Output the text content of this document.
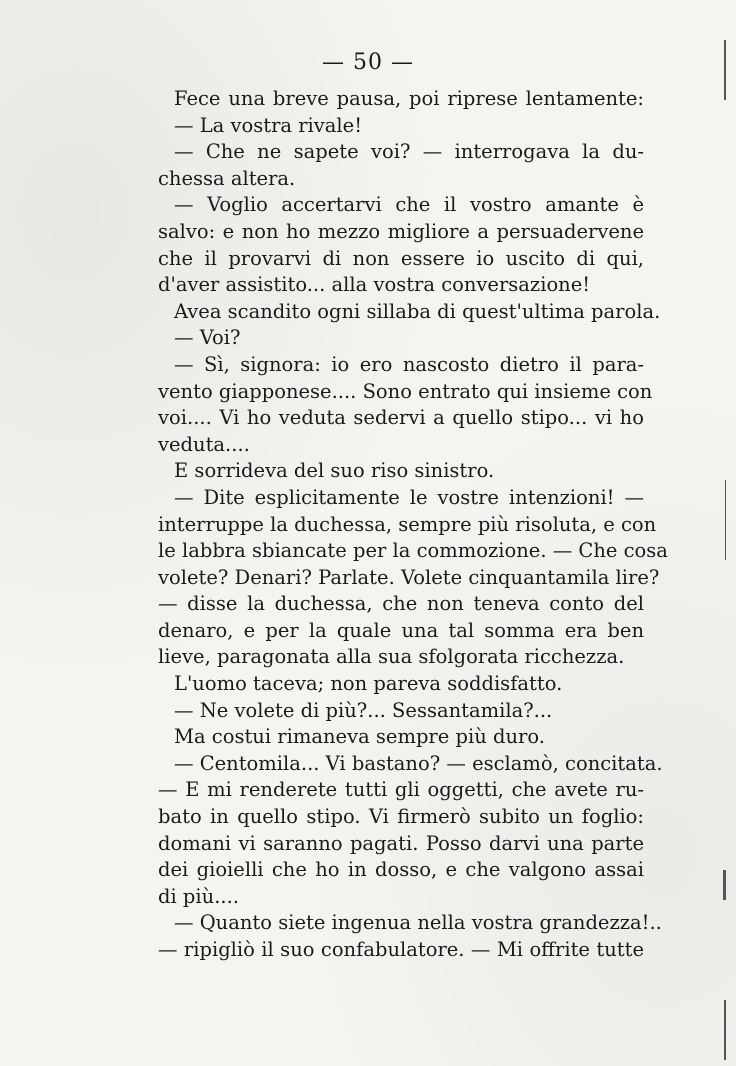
— 50 —
Fece una breve pausa, poi riprese lentamente:
— La vostra rivale!
— Che ne sapete voi? — interrogava la du-
chessa altera.
— Voglio accertarvi che il vostro amante è
salvo: e non ho mezzo migliore a persuadervene
che il provarvi di non essere io uscito di qui,
d'aver assistito... alla vostra conversazione!
Avea scandito ogni sillaba di quest'ultima parola.
— Voi?
— Sì, signora: io ero nascosto dietro il para-
vento giapponese.... Sono entrato qui insieme con
voi.... Vi ho veduta sedervi a quello stipo... vi ho
veduta....
E sorrideva del suo riso sinistro.
— Dite esplicitamente le vostre intenzioni! —
interruppe la duchessa, sempre più risoluta, e con
le labbra sbiancate per la commozione. — Che cosa
volete? Denari? Parlate. Volete cinquantamila lire?
— disse la duchessa, che non teneva conto del
denaro, e per la quale una tal somma era ben
lieve, paragonata alla sua sfolgorata ricchezza.
L'uomo taceva; non pareva soddisfatto.
— Ne volete di più?... Sessantamila?...
Ma costui rimaneva sempre più duro.
— Centomila... Vi bastano? — esclamò, concitata.
— E mi renderete tutti gli oggetti, che avete ru-
bato in quello stipo. Vi firmerò subito un foglio:
domani vi saranno pagati. Posso darvi una parte
dei gioielli che ho in dosso, e che valgono assai
di più....
— Quanto siete ingenua nella vostra grandezza!..
— ripigliò il suo confabulatore. — Mi offrite tutte
